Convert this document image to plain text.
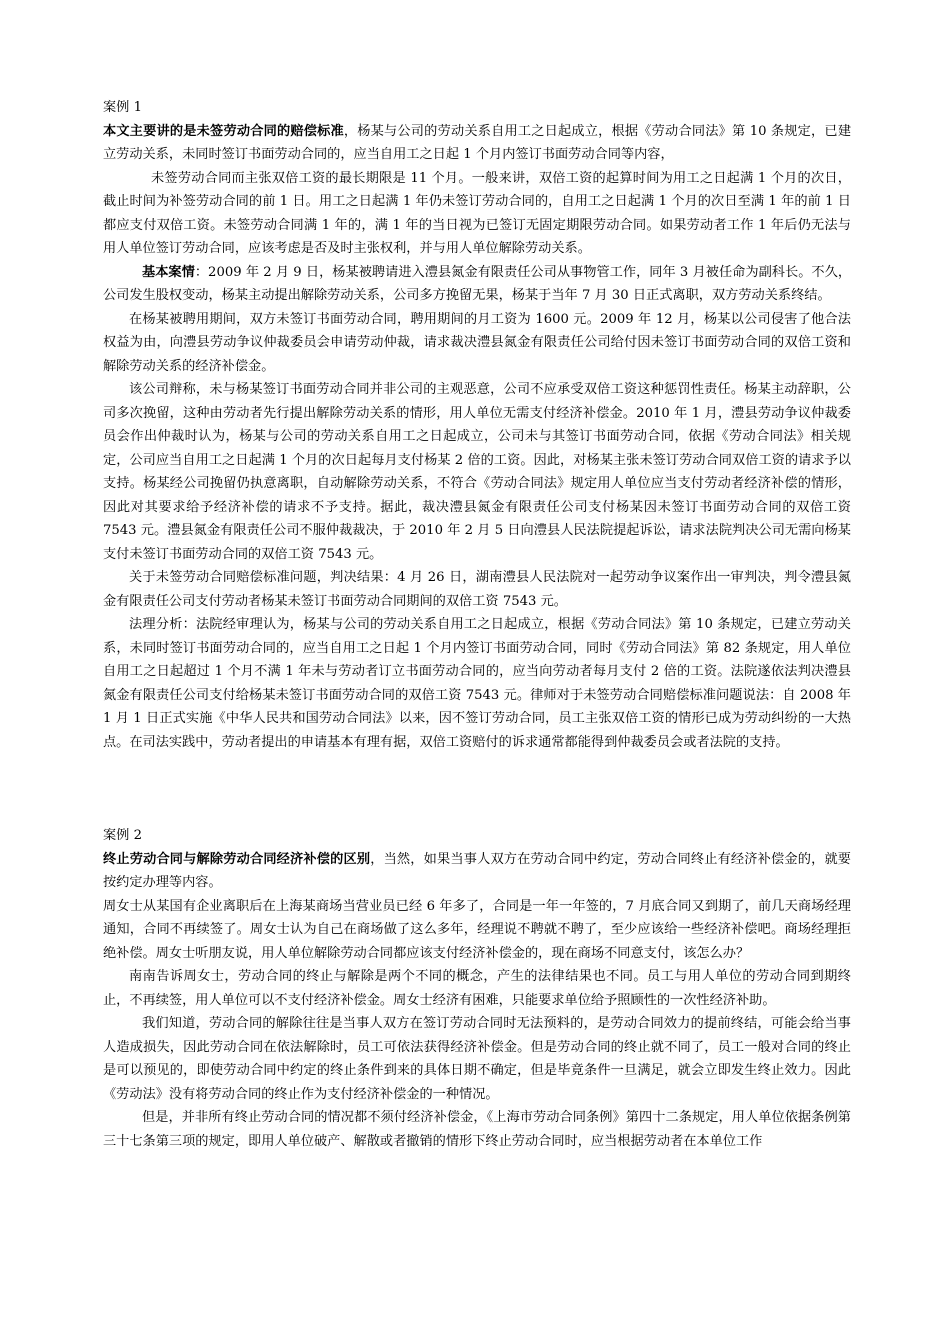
案例 1

本文主要讲的是未签劳动合同的赔偿标准，杨某与公司的劳动关系自用工之日起成立，根据《劳动合同法》第 10 条规定，已建立劳动关系，未同时签订书面劳动合同的，应当自用工之日起 1 个月内签订书面劳动合同等内容，

未签劳动合同而主张双倍工资的最长期限是 11 个月。一般来讲，双倍工资的起算时间为用工之日起满 1 个月的次日，截止时间为补签劳动合同的前 1 日。用工之日起满 1 年仍未签订劳动合同的，自用工之日起满 1 个月的次日至满 1 年的前 1 日都应支付双倍工资。未签劳动合同满 1 年的，满 1 年的当日视为已签订无固定期限劳动合同。如果劳动者工作 1 年后仍无法与用人单位签订劳动合同，应该考虑是否及时主张权利，并与用人单位解除劳动关系。

基本案情：2009 年 2 月 9 日，杨某被聘请进入澧县氮金有限责任公司从事物管工作，同年 3 月被任命为副科长。不久，公司发生股权变动，杨某主动提出解除劳动关系，公司多方挽留无果，杨某于当年 7 月 30 日正式离职，双方劳动关系终结。

在杨某被聘用期间，双方未签订书面劳动合同，聘用期间的月工资为 1600 元。2009 年 12 月，杨某以公司侵害了他合法权益为由，向澧县劳动争议仲裁委员会申请劳动仲裁，请求裁决澧县氮金有限责任公司给付因未签订书面劳动合同的双倍工资和解除劳动关系的经济补偿金。

该公司辩称，未与杨某签订书面劳动合同并非公司的主观恶意，公司不应承受双倍工资这种惩罚性责任。杨某主动辞职，公司多次挽留，这种由劳动者先行提出解除劳动关系的情形，用人单位无需支付经济补偿金。2010 年 1 月，澧县劳动争议仲裁委员会作出仲裁时认为，杨某与公司的劳动关系自用工之日起成立，公司未与其签订书面劳动合同，依据《劳动合同法》相关规定，公司应当自用工之日起满 1 个月的次日起每月支付杨某 2 倍的工资。因此，对杨某主张未签订劳动合同双倍工资的请求予以支持。杨某经公司挽留仍执意离职，自动解除劳动关系，不符合《劳动合同法》规定用人单位应当支付劳动者经济补偿的情形，因此对其要求给予经济补偿的请求不予支持。据此，裁决澧县氮金有限责任公司支付杨某因未签订书面劳动合同的双倍工资 7543 元。澧县氮金有限责任公司不服仲裁裁决，于 2010 年 2 月 5 日向澧县人民法院提起诉讼，请求法院判决公司无需向杨某支付未签订书面劳动合同的双倍工资 7543 元。

关于未签劳动合同赔偿标准问题，判决结果：4 月 26 日，湖南澧县人民法院对一起劳动争议案作出一审判决，判令澧县氮金有限责任公司支付劳动者杨某未签订书面劳动合同期间的双倍工资 7543 元。

法理分析：法院经审理认为，杨某与公司的劳动关系自用工之日起成立，根据《劳动合同法》第 10 条规定，已建立劳动关系，未同时签订书面劳动合同的，应当自用工之日起 1 个月内签订书面劳动合同，同时《劳动合同法》第 82 条规定，用人单位自用工之日起超过 1 个月不满 1 年未与劳动者订立书面劳动合同的，应当向劳动者每月支付 2 倍的工资。法院遂依法判决澧县氮金有限责任公司支付给杨某未签订书面劳动合同的双倍工资 7543 元。律师对于未签劳动合同赔偿标准问题说法：自 2008 年 1 月 1 日正式实施《中华人民共和国劳动合同法》以来，因不签订劳动合同，员工主张双倍工资的情形已成为劳动纠纷的一大热点。在司法实践中，劳动者提出的申请基本有理有据，双倍工资赔付的诉求通常都能得到仲裁委员会或者法院的支持。

案例 2

终止劳动合同与解除劳动合同经济补偿的区别，当然，如果当事人双方在劳动合同中约定，劳动合同终止有经济补偿金的，就要按约定办理等内容。

周女士从某国有企业离职后在上海某商场当营业员已经 6 年多了，合同是一年一年签的，7 月底合同又到期了，前几天商场经理通知，合同不再续签了。周女士认为自己在商场做了这么多年，经理说不聘就不聘了，至少应该给一些经济补偿吧。商场经理拒绝补偿。周女士听朋友说，用人单位解除劳动合同都应该支付经济补偿金的，现在商场不同意支付，该怎么办？

南南告诉周女士，劳动合同的终止与解除是两个不同的概念，产生的法律结果也不同。员工与用人单位的劳动合同到期终止，不再续签，用人单位可以不支付经济补偿金。周女士经济有困难，只能要求单位给予照顾性的一次性经济补助。

我们知道，劳动合同的解除往往是当事人双方在签订劳动合同时无法预料的，是劳动合同效力的提前终结，可能会给当事人造成损失，因此劳动合同在依法解除时，员工可依法获得经济补偿金。但是劳动合同的终止就不同了，员工一般对合同的终止是可以预见的，即使劳动合同中约定的终止条件到来的具体日期不确定，但是毕竟条件一旦满足，就会立即发生终止效力。因此《劳动法》没有将劳动合同的终止作为支付经济补偿金的一种情况。

但是，并非所有终止劳动合同的情况都不须付经济补偿金，《上海市劳动合同条例》第四十二条规定，用人单位依据条例第三十七条第三项的规定，即用人单位破产、解散或者撤销的情形下终止劳动合同时，应当根据劳动者在本单位工作
